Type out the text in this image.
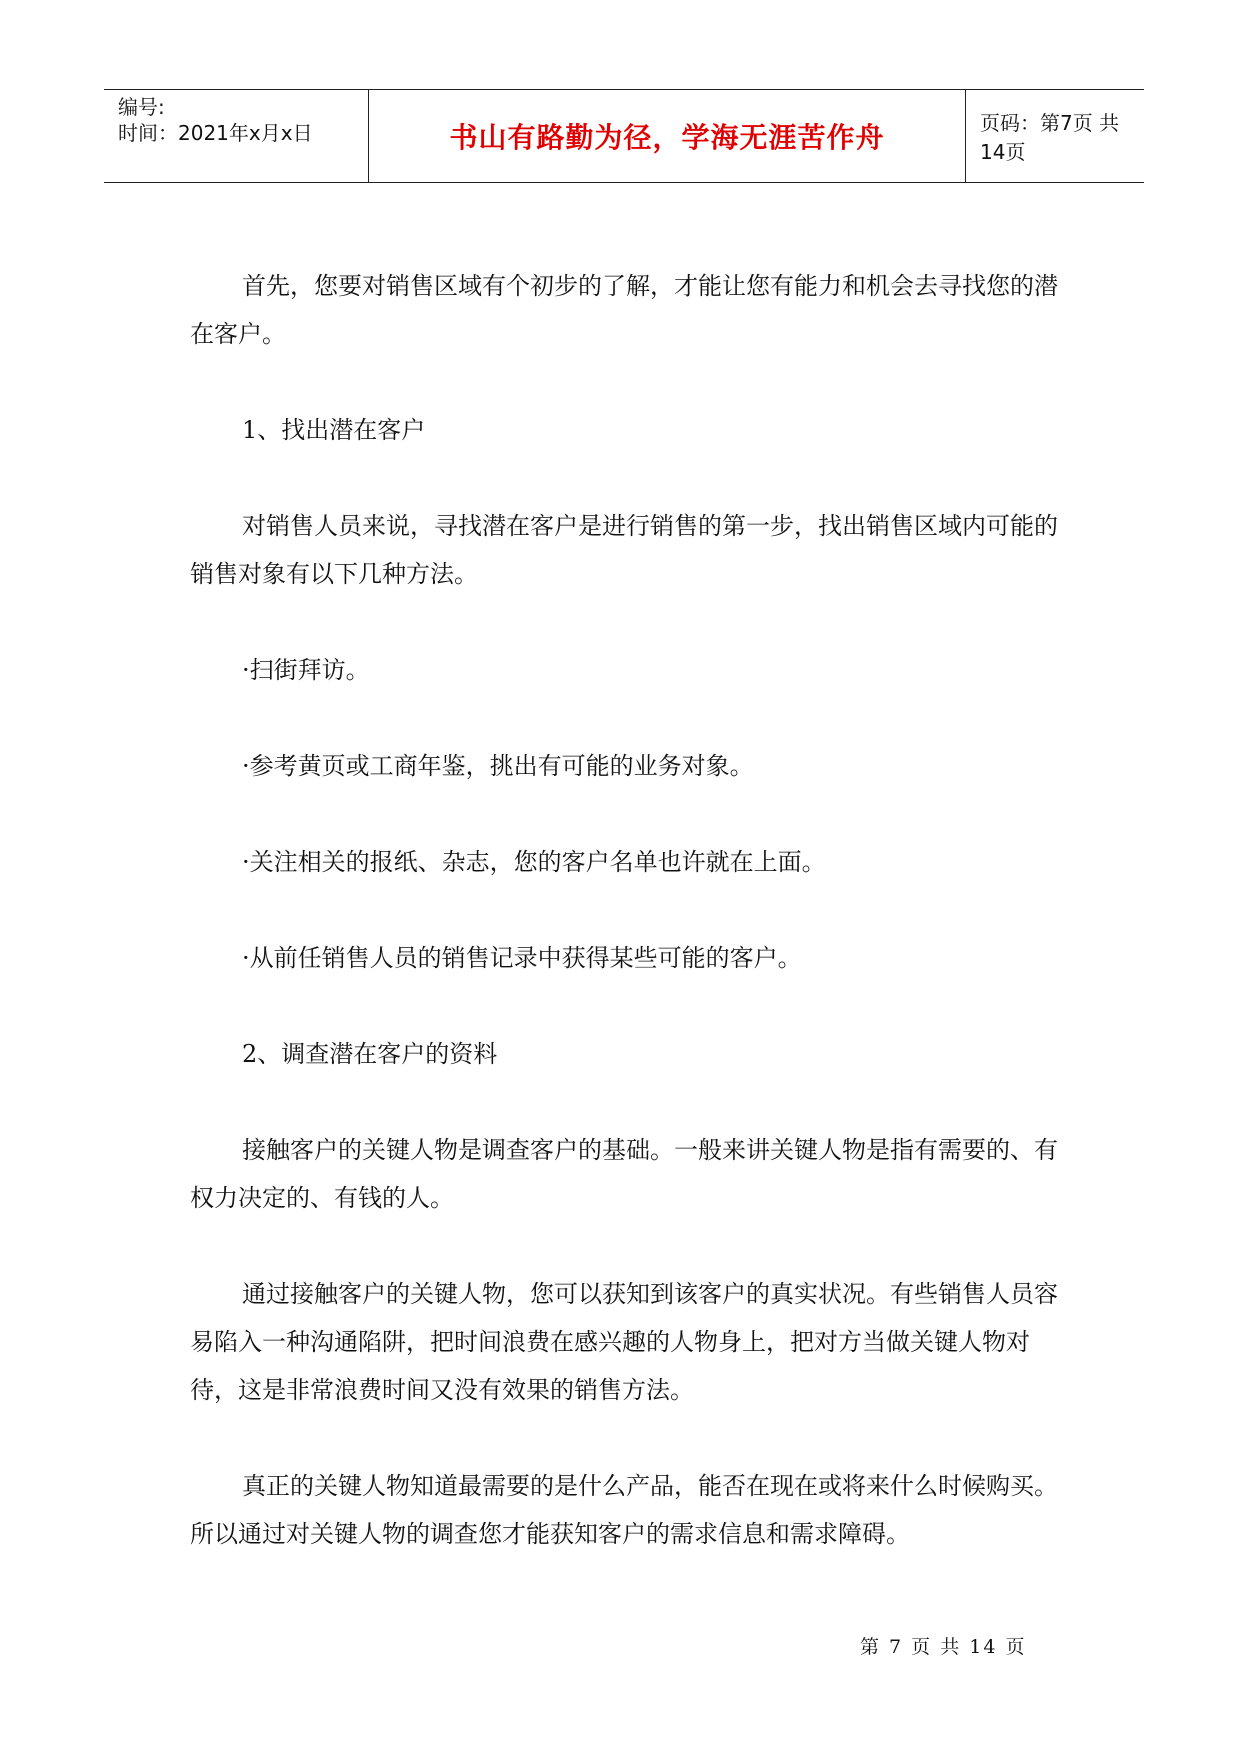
编号:
时间：2021年x月x日	书山有路勤为径，学海无涯苦作舟	页码：第7页 共14页

首先，您要对销售区域有个初步的了解，才能让您有能力和机会去寻找您的潜在客户。

1、找出潜在客户

对销售人员来说，寻找潜在客户是进行销售的第一步，找出销售区域内可能的销售对象有以下几种方法。

·扫街拜访。

·参考黄页或工商年鉴，挑出有可能的业务对象。

·关注相关的报纸、杂志，您的客户名单也许就在上面。

·从前任销售人员的销售记录中获得某些可能的客户。

2、调查潜在客户的资料

接触客户的关键人物是调查客户的基础。一般来讲关键人物是指有需要的、有权力决定的、有钱的人。

通过接触客户的关键人物，您可以获知到该客户的真实状况。有些销售人员容易陷入一种沟通陷阱，把时间浪费在感兴趣的人物身上，把对方当做关键人物对待，这是非常浪费时间又没有效果的销售方法。

真正的关键人物知道最需要的是什么产品，能否在现在或将来什么时候购买。所以通过对关键人物的调查您才能获知客户的需求信息和需求障碍。

第 7 页 共 14 页
